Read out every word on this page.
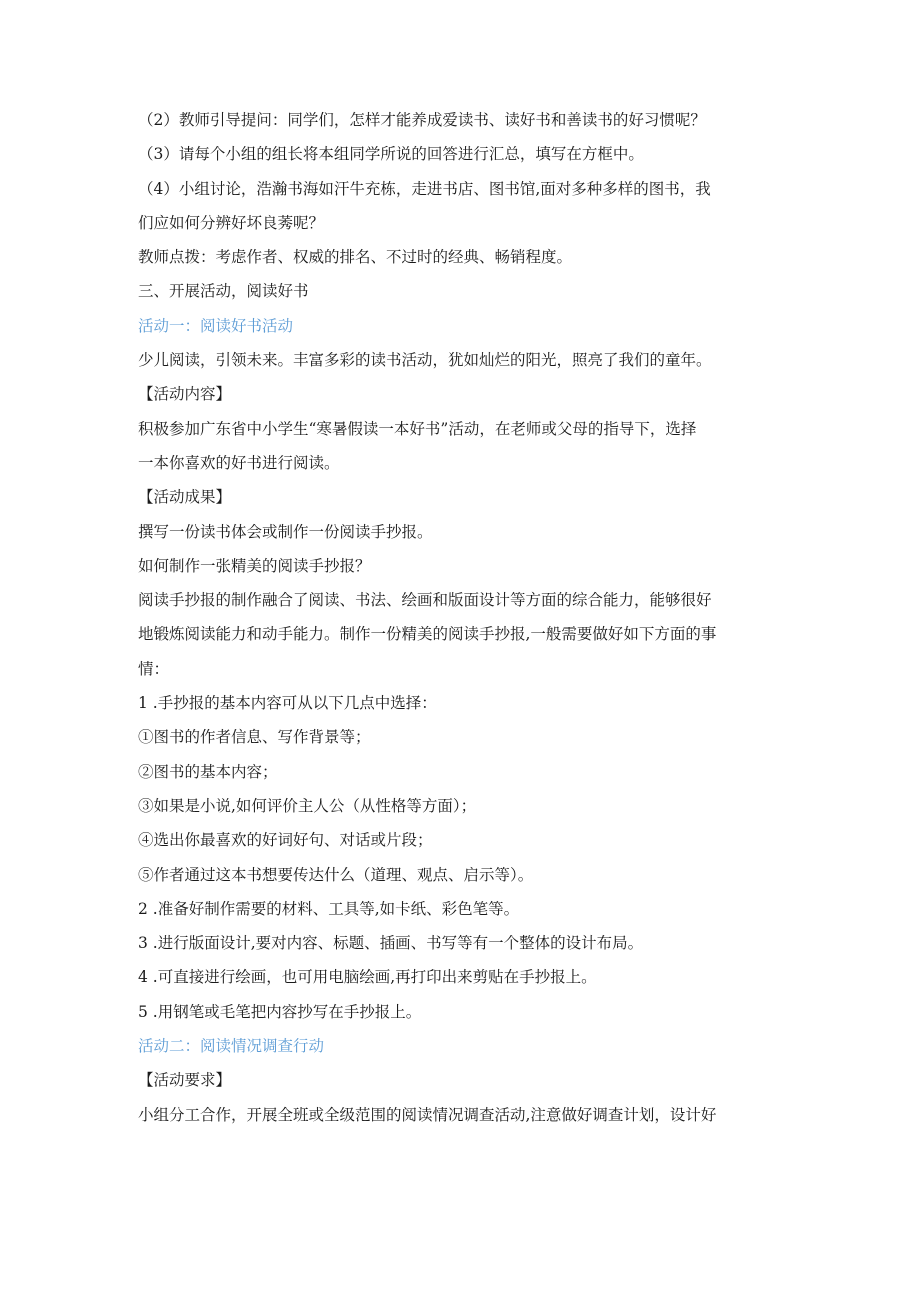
（2）教师引导提问：同学们，怎样才能养成爱读书、读好书和善读书的好习惯呢？
（3）请每个小组的组长将本组同学所说的回答进行汇总，填写在方框中。
（4）小组讨论，浩瀚书海如汗牛充栋，走进书店、图书馆,面对多种多样的图书，我
们应如何分辨好坏良莠呢？
教师点拨：考虑作者、权威的排名、不过时的经典、畅销程度。
三、开展活动，阅读好书
活动一：阅读好书活动
少儿阅读，引领未来。丰富多彩的读书活动，犹如灿烂的阳光，照亮了我们的童年。
【活动内容】
积极参加广东省中小学生“寒暑假读一本好书”活动，在老师或父母的指导下，选择
一本你喜欢的好书进行阅读。
【活动成果】
撰写一份读书体会或制作一份阅读手抄报。
如何制作一张精美的阅读手抄报？
阅读手抄报的制作融合了阅读、书法、绘画和版面设计等方面的综合能力，能够很好
地锻炼阅读能力和动手能力。制作一份精美的阅读手抄报,一般需要做好如下方面的事
情：
1 .手抄报的基本内容可从以下几点中选择：
①图书的作者信息、写作背景等；
②图书的基本内容；
③如果是小说,如何评价主人公（从性格等方面）；
④选出你最喜欢的好词好句、对话或片段；
⑤作者通过这本书想要传达什么（道理、观点、启示等）。
2 .准备好制作需要的材料、工具等,如卡纸、彩色笔等。
3 .进行版面设计,要对内容、标题、插画、书写等有一个整体的设计布局。
4 .可直接进行绘画，也可用电脑绘画,再打印出来剪贴在手抄报上。
5 .用钢笔或毛笔把内容抄写在手抄报上。
活动二：阅读情况调查行动
【活动要求】
小组分工合作，开展全班或全级范围的阅读情况调查活动,注意做好调查计划，设计好
